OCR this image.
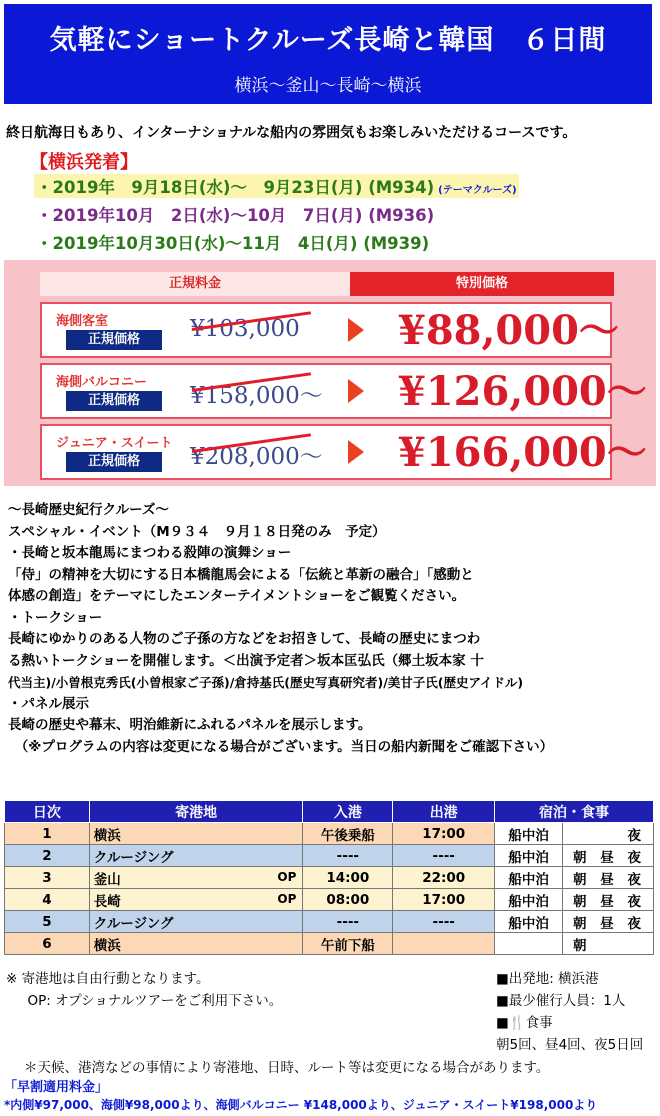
気軽にショートクルーズ長崎と韓国　６日間
横浜～釜山～長崎～横浜
終日航海日もあり、インターナショナルな船内の雰囲気もお楽しみいただけるコースです。
【横浜発着】
・2019年　9月18日(水)～　9月23日(月) (M934) (テーマクルーズ)
・2019年10月　2日(水)～10月　7日(月) (M936)
・2019年10月30日(水)～11月　4日(月) (M939)
正規料金	特別価格
海側客室
正規価格	¥103,000 ¥88,000～
海側バルコニー
正規価格	¥158,000～ ¥126,000～
ジュニア・スイート
正規価格	¥208,000～ ¥166,000～
～長崎歴史紀行クルーズ～
スペシャル・イベント（M９３４　９月１８日発のみ　予定）
・長崎と坂本龍馬にまつわる殺陣の演舞ショー
「侍」の精神を大切にする日本橋龍馬会による「伝統と革新の融合」「感動と
体感の創造」をテーマにしたエンターテイメントショーをご観覧ください。
・トークショー
長崎にゆかりのある人物のご子孫の方などをお招きして、長崎の歴史にまつわ
る熱いトークショーを開催します。＜出演予定者＞坂本匡弘氏（郷土坂本家 十
代当主)/小曽根克秀氏(小曽根家ご子孫)/倉持基氏(歴史写真研究者)/美甘子氏(歴史アイドル)
・パネル展示
長崎の歴史や幕末、明治維新にふれるパネルを展示します。
　（※プログラムの内容は変更になる場合がございます。当日の船内新聞をご確認下さい）
日次	寄港地	入港	出港	宿泊・食事	
1	横浜	午後乗船	17:00	船中泊	夜

2	クルージング	----	----	船中泊	朝 昼 夜

3	釜山 OP	14:00	22:00	船中泊	朝 昼 夜

4	長崎 OP	08:00	17:00	船中泊	朝 昼 夜

5	クルージング	----	----	船中泊	朝 昼 夜

6	横浜	午前下船			朝
※ 寄港地は自由行動となります。
OP: オプショナルツアーをご利用下さい。
■出発地: 横浜港
■最少催行人員：1人
■🍴食事
朝5回、昼4回、夜5日回
＊天候、港湾などの事情により寄港地、日時、ルート等は変更になる場合があります。
「早割適用料金」
*内側¥97,000、海側¥98,000より、海側バルコニー ¥148,000より、ジュニア・スイート¥198,000より
